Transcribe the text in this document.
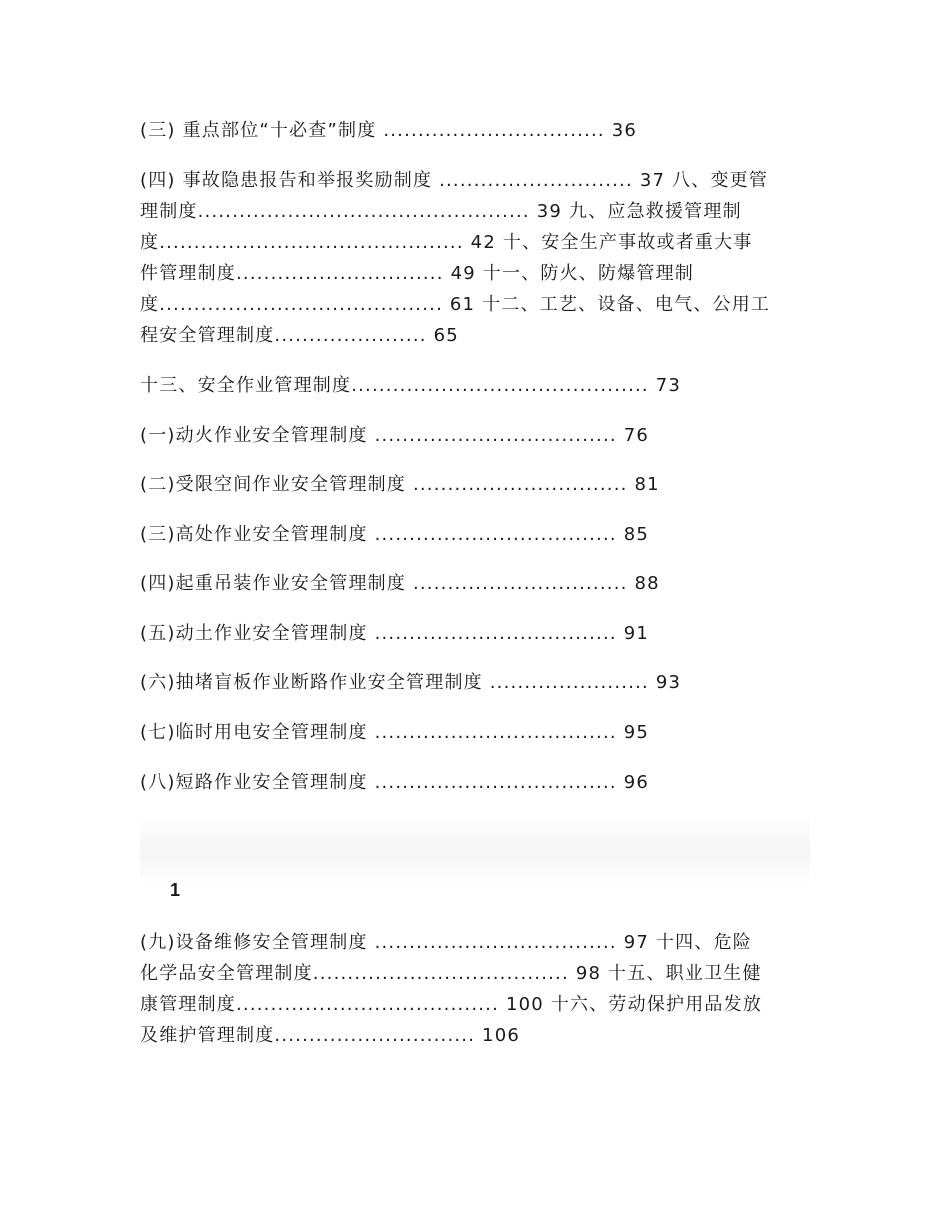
(三) 重点部位“十必查”制度 ................................ 36
(四) 事故隐患报告和举报奖励制度 ............................ 37 八、变更管
理制度................................................ 39 九、应急救援管理制
度............................................ 42 十、安全生产事故或者重大事
件管理制度.............................. 49 十一、防火、防爆管理制
度......................................... 61 十二、工艺、设备、电气、公用工
程安全管理制度...................... 65
十三、安全作业管理制度........................................... 73
(一)动火作业安全管理制度 ................................... 76
(二)受限空间作业安全管理制度 ............................... 81
(三)高处作业安全管理制度 ................................... 85
(四)起重吊装作业安全管理制度 ............................... 88
(五)动土作业安全管理制度 ................................... 91
(六)抽堵盲板作业断路作业安全管理制度 ....................... 93
(七)临时用电安全管理制度 ................................... 95
(八)短路作业安全管理制度 ................................... 96
1
(九)设备维修安全管理制度 ................................... 97 十四、危险
化学品安全管理制度..................................... 98 十五、职业卫生健
康管理制度...................................... 100 十六、劳动保护用品发放
及维护管理制度............................. 106
